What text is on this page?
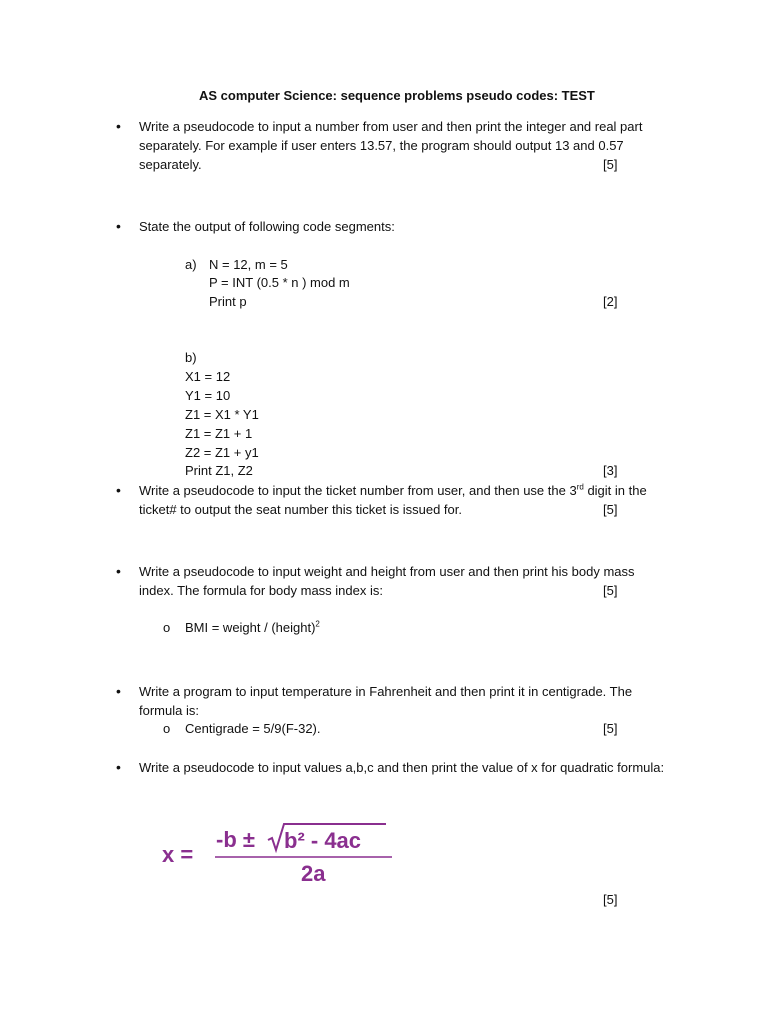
AS computer Science: sequence problems pseudo codes: TEST
• Write a pseudocode to input a number from user and then print the integer and real part
separately. For example if user enters 13.57, the program should output 13 and 0.57
separately.	[5]
• State the output of following code segments:
a) N = 12, m = 5
P = INT (0.5 * n ) mod m
Print p	[2]
b)
X1 = 12
Y1 = 10
Z1 = X1 * Y1
Z1 = Z1 + 1
Z2 = Z1 + y1
Print Z1, Z2	[3]
• Write a pseudocode to input the ticket number from user, and then use the 3rd digit in the
ticket# to output the seat number this ticket is issued for.	[5]
• Write a pseudocode to input weight and height from user and then print his body mass
index. The formula for body mass index is:	[5]
o BMI = weight / (height)$^2$
• Write a program to input temperature in Fahrenheit and then print it in centigrade. The
formula is:
o Centigrade = 5/9(F-32).	[5]
• Write a pseudocode to input values a,b,c and then print the value of x for quadratic formula:
x =
-b ± b² - 4ac
2a
[5]
